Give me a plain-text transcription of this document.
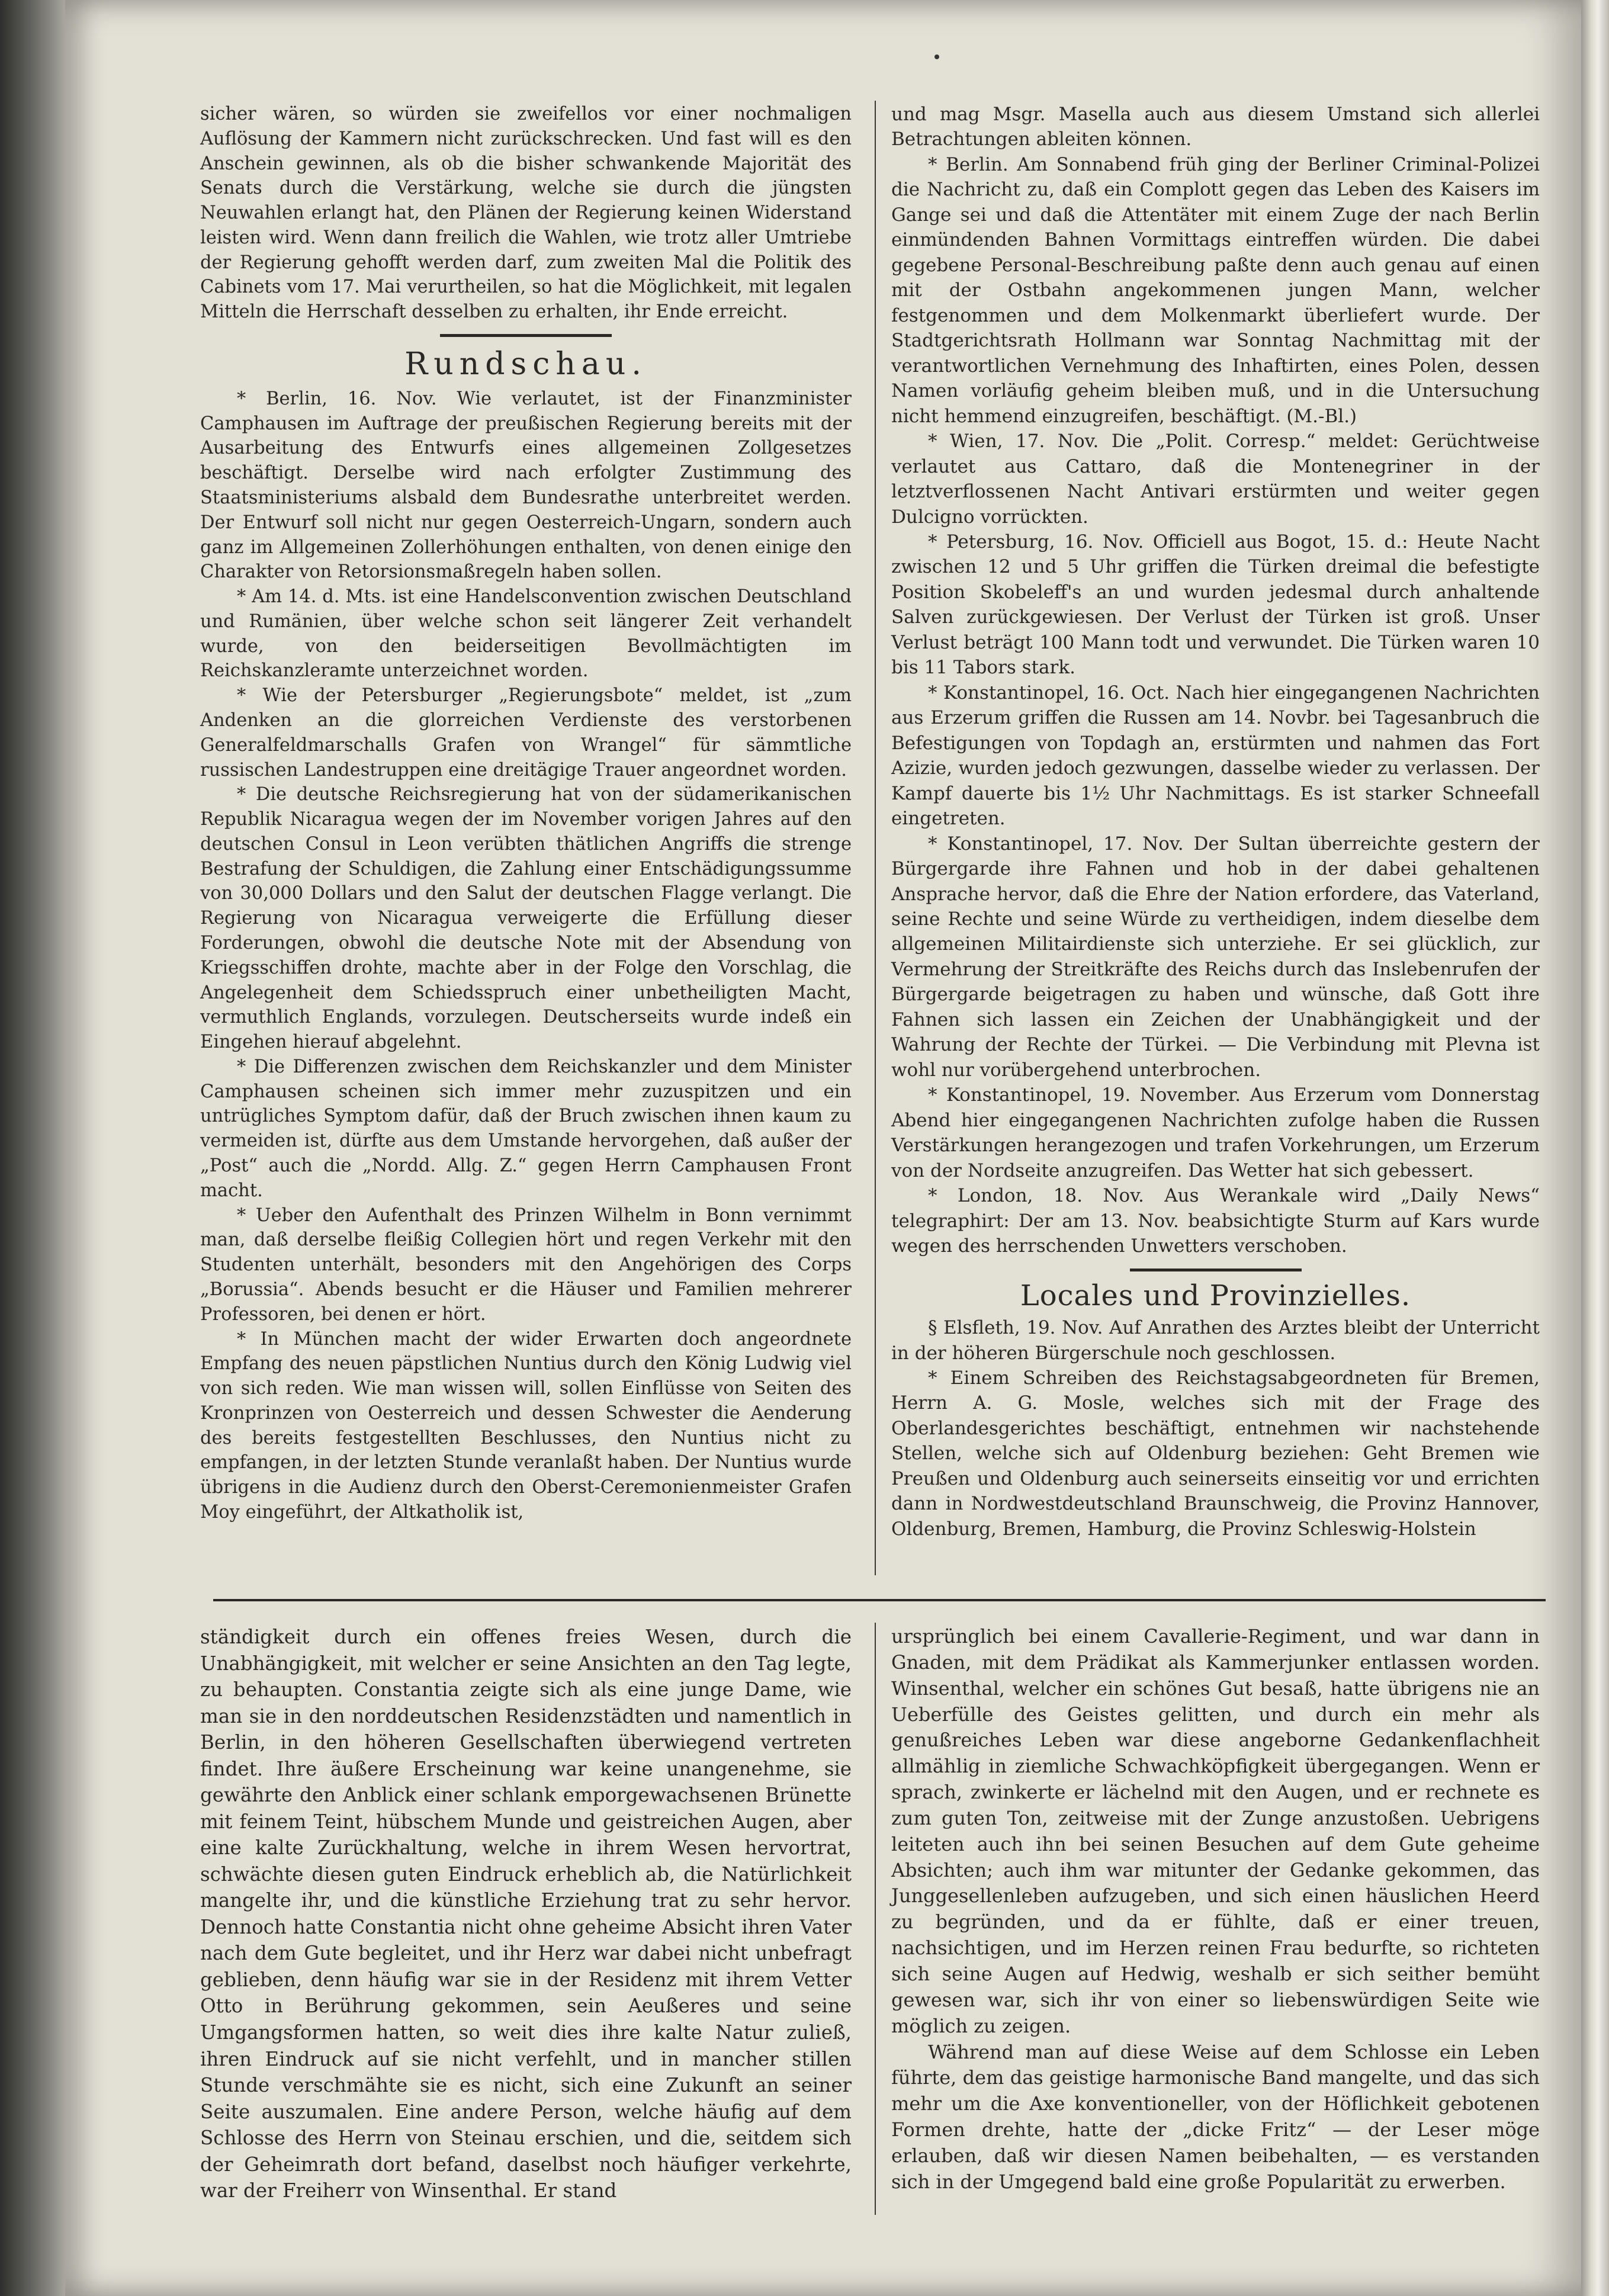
sicher wären, so würden sie zweifellos vor einer nochmaligen Auflösung der Kammern nicht zurückschrecken. Und fast will es den Anschein gewinnen, als ob die bisher schwankende Majorität des Senats durch die Verstärkung, welche sie durch die jüngsten Neuwahlen erlangt hat, den Plänen der Regierung keinen Widerstand leisten wird. Wenn dann freilich die Wahlen, wie trotz aller Umtriebe der Regierung gehofft werden darf, zum zweiten Mal die Politik des Cabinets vom 17. Mai verurtheilen, so hat die Möglichkeit, mit legalen Mitteln die Herrschaft desselben zu erhalten, ihr Ende erreicht.

Rundschau.

* Berlin, 16. Nov. Wie verlautet, ist der Finanzminister Camphausen im Auftrage der preußischen Regierung bereits mit der Ausarbeitung des Entwurfs eines allgemeinen Zollgesetzes beschäftigt. Derselbe wird nach erfolgter Zustimmung des Staatsministeriums alsbald dem Bundesrathe unterbreitet werden. Der Entwurf soll nicht nur gegen Oesterreich-Ungarn, sondern auch ganz im Allgemeinen Zollerhöhungen enthalten, von denen einige den Charakter von Retorsionsmaßregeln haben sollen.

* Am 14. d. Mts. ist eine Handelsconvention zwischen Deutschland und Rumänien, über welche schon seit längerer Zeit verhandelt wurde, von den beiderseitigen Bevollmächtigten im Reichskanzleramte unterzeichnet worden.

* Wie der Petersburger „Regierungsbote“ meldet, ist „zum Andenken an die glorreichen Verdienste des verstorbenen Generalfeldmarschalls Grafen von Wrangel“ für sämmtliche russischen Landestruppen eine dreitägige Trauer angeordnet worden.

* Die deutsche Reichsregierung hat von der südamerikanischen Republik Nicaragua wegen der im November vorigen Jahres auf den deutschen Consul in Leon verübten thätlichen Angriffs die strenge Bestrafung der Schuldigen, die Zahlung einer Entschädigungssumme von 30,000 Dollars und den Salut der deutschen Flagge verlangt. Die Regierung von Nicaragua verweigerte die Erfüllung dieser Forderungen, obwohl die deutsche Note mit der Absendung von Kriegsschiffen drohte, machte aber in der Folge den Vorschlag, die Angelegenheit dem Schiedsspruch einer unbetheiligten Macht, vermuthlich Englands, vorzulegen. Deutscherseits wurde indeß ein Eingehen hierauf abgelehnt.

* Die Differenzen zwischen dem Reichskanzler und dem Minister Camphausen scheinen sich immer mehr zuzuspitzen und ein untrügliches Symptom dafür, daß der Bruch zwischen ihnen kaum zu vermeiden ist, dürfte aus dem Umstande hervorgehen, daß außer der „Post“ auch die „Nordd. Allg. Z.“ gegen Herrn Camphausen Front macht.

* Ueber den Aufenthalt des Prinzen Wilhelm in Bonn vernimmt man, daß derselbe fleißig Collegien hört und regen Verkehr mit den Studenten unterhält, besonders mit den Angehörigen des Corps „Borussia“. Abends besucht er die Häuser und Familien mehrerer Professoren, bei denen er hört.

* In München macht der wider Erwarten doch angeordnete Empfang des neuen päpstlichen Nuntius durch den König Ludwig viel von sich reden. Wie man wissen will, sollen Einflüsse von Seiten des Kronprinzen von Oesterreich und dessen Schwester die Aenderung des bereits festgestellten Beschlusses, den Nuntius nicht zu empfangen, in der letzten Stunde veranlaßt haben. Der Nuntius wurde übrigens in die Audienz durch den Oberst-Ceremonienmeister Grafen Moy eingeführt, der Altkatholik ist,

und mag Msgr. Masella auch aus diesem Umstand sich allerlei Betrachtungen ableiten können.

* Berlin. Am Sonnabend früh ging der Berliner Criminal-Polizei die Nachricht zu, daß ein Complott gegen das Leben des Kaisers im Gange sei und daß die Attentäter mit einem Zuge der nach Berlin einmündenden Bahnen Vormittags eintreffen würden. Die dabei gegebene Personal-Beschreibung paßte denn auch genau auf einen mit der Ostbahn angekommenen jungen Mann, welcher festgenommen und dem Molkenmarkt überliefert wurde. Der Stadtgerichtsrath Hollmann war Sonntag Nachmittag mit der verantwortlichen Vernehmung des Inhaftirten, eines Polen, dessen Namen vorläufig geheim bleiben muß, und in die Untersuchung nicht hemmend einzugreifen, beschäftigt. (M.-Bl.)

* Wien, 17. Nov. Die „Polit. Corresp.“ meldet: Gerüchtweise verlautet aus Cattaro, daß die Montenegriner in der letztverflossenen Nacht Antivari erstürmten und weiter gegen Dulcigno vorrückten.

* Petersburg, 16. Nov. Officiell aus Bogot, 15. d.: Heute Nacht zwischen 12 und 5 Uhr griffen die Türken dreimal die befestigte Position Skobeleff's an und wurden jedesmal durch anhaltende Salven zurückgewiesen. Der Verlust der Türken ist groß. Unser Verlust beträgt 100 Mann todt und verwundet. Die Türken waren 10 bis 11 Tabors stark.

* Konstantinopel, 16. Oct. Nach hier eingegangenen Nachrichten aus Erzerum griffen die Russen am 14. Novbr. bei Tagesanbruch die Befestigungen von Topdagh an, erstürmten und nahmen das Fort Azizie, wurden jedoch gezwungen, dasselbe wieder zu verlassen. Der Kampf dauerte bis 1½ Uhr Nachmittags. Es ist starker Schneefall eingetreten.

* Konstantinopel, 17. Nov. Der Sultan überreichte gestern der Bürgergarde ihre Fahnen und hob in der dabei gehaltenen Ansprache hervor, daß die Ehre der Nation erfordere, das Vaterland, seine Rechte und seine Würde zu vertheidigen, indem dieselbe dem allgemeinen Militairdienste sich unterziehe. Er sei glücklich, zur Vermehrung der Streitkräfte des Reichs durch das Inslebenrufen der Bürgergarde beigetragen zu haben und wünsche, daß Gott ihre Fahnen sich lassen ein Zeichen der Unabhängigkeit und der Wahrung der Rechte der Türkei. — Die Verbindung mit Plevna ist wohl nur vorübergehend unterbrochen.

* Konstantinopel, 19. November. Aus Erzerum vom Donnerstag Abend hier eingegangenen Nachrichten zufolge haben die Russen Verstärkungen herangezogen und trafen Vorkehrungen, um Erzerum von der Nordseite anzugreifen. Das Wetter hat sich gebessert.

* London, 18. Nov. Aus Werankale wird „Daily News“ telegraphirt: Der am 13. Nov. beabsichtigte Sturm auf Kars wurde wegen des herrschenden Unwetters verschoben.

Locales und Provinzielles.

§ Elsfleth, 19. Nov. Auf Anrathen des Arztes bleibt der Unterricht in der höheren Bürgerschule noch geschlossen.

* Einem Schreiben des Reichstagsabgeordneten für Bremen, Herrn A. G. Mosle, welches sich mit der Frage des Oberlandesgerichtes beschäftigt, entnehmen wir nachstehende Stellen, welche sich auf Oldenburg beziehen: Geht Bremen wie Preußen und Oldenburg auch seinerseits einseitig vor und errichten dann in Nordwestdeutschland Braunschweig, die Provinz Hannover, Oldenburg, Bremen, Hamburg, die Provinz Schleswig-Holstein

ständigkeit durch ein offenes freies Wesen, durch die Unabhängigkeit, mit welcher er seine Ansichten an den Tag legte, zu behaupten. Constantia zeigte sich als eine junge Dame, wie man sie in den norddeutschen Residenzstädten und namentlich in Berlin, in den höheren Gesellschaften überwiegend vertreten findet. Ihre äußere Erscheinung war keine unangenehme, sie gewährte den Anblick einer schlank emporgewachsenen Brünette mit feinem Teint, hübschem Munde und geistreichen Augen, aber eine kalte Zurückhaltung, welche in ihrem Wesen hervortrat, schwächte diesen guten Eindruck erheblich ab, die Natürlichkeit mangelte ihr, und die künstliche Erziehung trat zu sehr hervor. Dennoch hatte Constantia nicht ohne geheime Absicht ihren Vater nach dem Gute begleitet, und ihr Herz war dabei nicht unbefragt geblieben, denn häufig war sie in der Residenz mit ihrem Vetter Otto in Berührung gekommen, sein Aeußeres und seine Umgangsformen hatten, so weit dies ihre kalte Natur zuließ, ihren Eindruck auf sie nicht verfehlt, und in mancher stillen Stunde verschmähte sie es nicht, sich eine Zukunft an seiner Seite auszumalen. Eine andere Person, welche häufig auf dem Schlosse des Herrn von Steinau erschien, und die, seitdem sich der Geheimrath dort befand, daselbst noch häufiger verkehrte, war der Freiherr von Winsenthal. Er stand

ursprünglich bei einem Cavallerie-Regiment, und war dann in Gnaden, mit dem Prädikat als Kammerjunker entlassen worden. Winsenthal, welcher ein schönes Gut besaß, hatte übrigens nie an Ueberfülle des Geistes gelitten, und durch ein mehr als genußreiches Leben war diese angeborne Gedankenflachheit allmählig in ziemliche Schwachköpfigkeit übergegangen. Wenn er sprach, zwinkerte er lächelnd mit den Augen, und er rechnete es zum guten Ton, zeitweise mit der Zunge anzustoßen. Uebrigens leiteten auch ihn bei seinen Besuchen auf dem Gute geheime Absichten; auch ihm war mitunter der Gedanke gekommen, das Junggesellenleben aufzugeben, und sich einen häuslichen Heerd zu begründen, und da er fühlte, daß er einer treuen, nachsichtigen, und im Herzen reinen Frau bedurfte, so richteten sich seine Augen auf Hedwig, weshalb er sich seither bemüht gewesen war, sich ihr von einer so liebenswürdigen Seite wie möglich zu zeigen.

Während man auf diese Weise auf dem Schlosse ein Leben führte, dem das geistige harmonische Band mangelte, und das sich mehr um die Axe konventioneller, von der Höflichkeit gebotenen Formen drehte, hatte der „dicke Fritz“ — der Leser möge erlauben, daß wir diesen Namen beibehalten, — es verstanden sich in der Umgegend bald eine große Popularität zu erwerben.
